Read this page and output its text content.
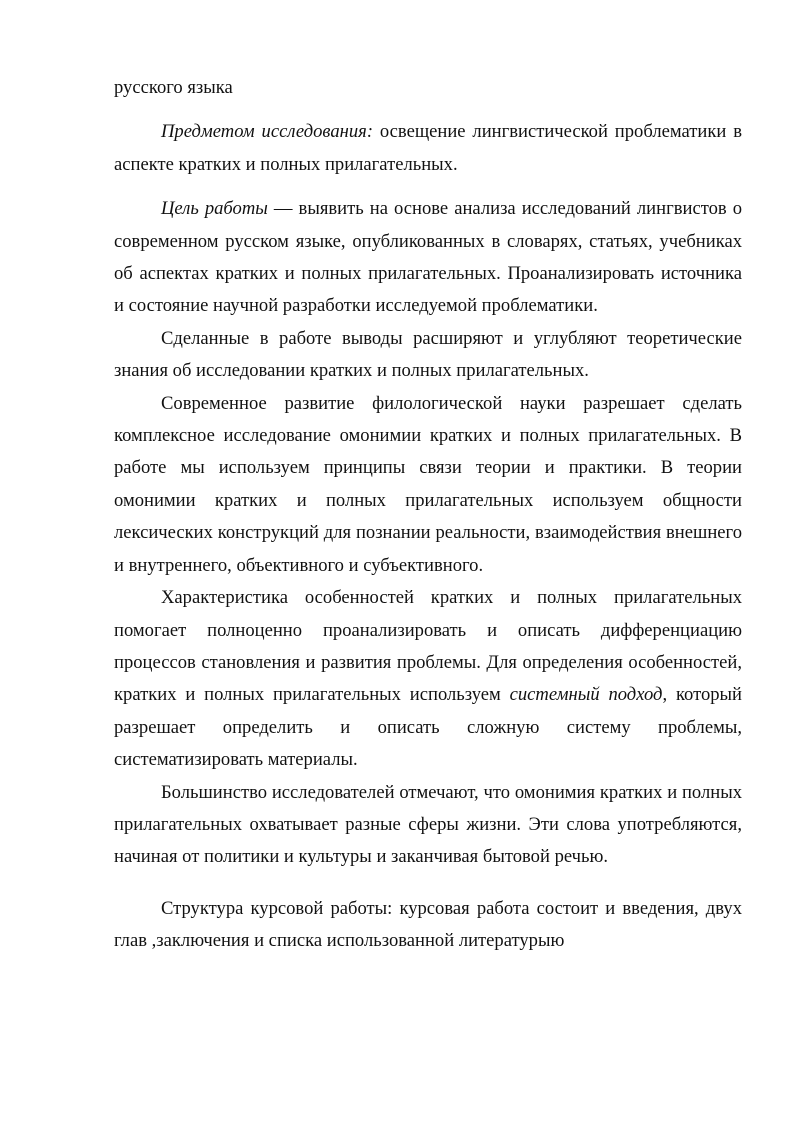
русского языка

Предметом исследования: освещение лингвистической проблематики в аспекте кратких и полных прилагательных.

Цель работы — выявить на основе анализа исследований лингвистов о современном русском языке, опубликованных в словарях, статьях, учебниках об аспектах кратких и полных прилагательных. Проанализировать источника и состояние научной разработки исследуемой проблематики.

Сделанные в работе выводы расширяют и углубляют теоретические знания об исследовании кратких и полных прилагательных.

Современное развитие филологической науки разрешает сделать комплексное исследование омонимии кратких и полных прилагательных. В работе мы используем принципы связи теории и практики. В теории омонимии кратких и полных прилагательных используем общности лексических конструкций для познании реальности, взаимодействия внешнего и внутреннего, объективного и субъективного.

Характеристика особенностей кратких и полных прилагательных помогает полноценно проанализировать и описать дифференциацию процессов становления и развития проблемы. Для определения особенностей, кратких и полных прилагательных используем системный подход, который разрешает определить и описать сложную систему проблемы, систематизировать материалы.

Большинство исследователей отмечают, что омонимия кратких и полных прилагательных охватывает разные сферы жизни. Эти слова употребляются, начиная от политики и культуры и заканчивая бытовой речью.

Структура курсовой работы: курсовая работа состоит и введения, двух глав ,заключения и списка использованной литературыю
